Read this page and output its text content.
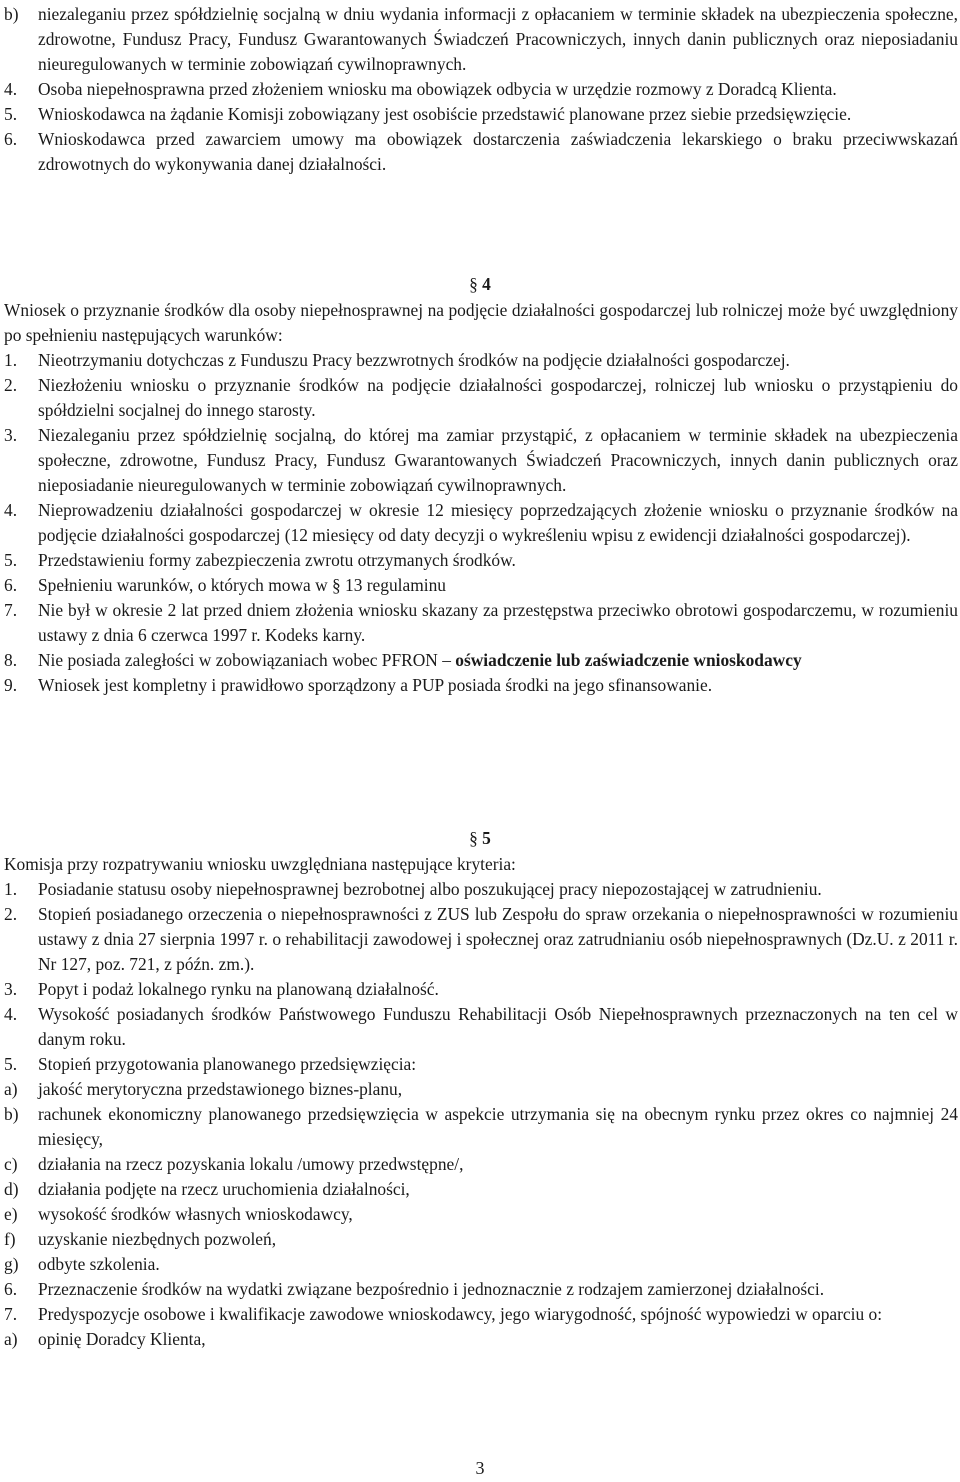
b)	niezaleganiu przez spółdzielnię socjalną w dniu wydania informacji z opłacaniem w terminie składek na ubezpieczenia społeczne, zdrowotne, Fundusz Pracy, Fundusz Gwarantowanych Świadczeń Pracowniczych, innych danin publicznych oraz nieposiadaniu nieuregulowanych w terminie zobowiązań cywilnoprawnych.
4.	Osoba niepełnosprawna przed złożeniem wniosku ma obowiązek odbycia w urzędzie rozmowy z Doradcą Klienta.
5.	Wnioskodawca na żądanie Komisji zobowiązany jest osobiście przedstawić planowane przez siebie przedsięwzięcie.
6.	Wnioskodawca przed zawarciem umowy ma obowiązek dostarczenia zaświadczenia lekarskiego o braku przeciwwskazań zdrowotnych do wykonywania danej działalności.
§ 4
Wniosek o przyznanie środków dla osoby niepełnosprawnej na podjęcie działalności gospodarczej lub rolniczej może być uwzględniony po spełnieniu następujących warunków:
1.	Nieotrzymaniu dotychczas z Funduszu Pracy bezzwrotnych środków na podjęcie działalności gospodarczej.
2.	Niezłożeniu wniosku o przyznanie środków na podjęcie działalności gospodarczej, rolniczej lub wniosku o przystąpieniu do spółdzielni socjalnej do innego starosty.
3.	Niezaleganiu przez spółdzielnię socjalną, do której ma zamiar przystąpić, z opłacaniem w terminie składek na ubezpieczenia społeczne, zdrowotne, Fundusz Pracy, Fundusz Gwarantowanych Świadczeń Pracowniczych, innych danin publicznych oraz nieposiadanie nieuregulowanych w terminie zobowiązań cywilnoprawnych.
4.	Nieprowadzeniu działalności gospodarczej w okresie 12 miesięcy poprzedzających złożenie wniosku o przyznanie środków na podjęcie działalności gospodarczej (12 miesięcy od daty decyzji o wykreśleniu wpisu z ewidencji działalności gospodarczej).
5.	Przedstawieniu formy zabezpieczenia zwrotu otrzymanych środków.
6.	Spełnieniu warunków, o których mowa w § 13 regulaminu
7.	Nie był w okresie 2 lat przed dniem złożenia wniosku skazany za przestępstwa przeciwko obrotowi gospodarczemu, w rozumieniu ustawy z dnia 6 czerwca 1997 r. Kodeks karny.
8.	Nie posiada zaległości w zobowiązaniach wobec PFRON – oświadczenie lub zaświadczenie wnioskodawcy
9.	Wniosek jest kompletny i prawidłowo sporządzony a PUP posiada środki na jego sfinansowanie.
§ 5
Komisja przy rozpatrywaniu wniosku uwzględniana następujące kryteria:
1.	Posiadanie statusu osoby niepełnosprawnej bezrobotnej albo poszukującej pracy niepozostającej w zatrudnieniu.
2.	Stopień posiadanego orzeczenia o niepełnosprawności z ZUS lub Zespołu do spraw orzekania o niepełnosprawności w rozumieniu ustawy z dnia 27 sierpnia 1997 r. o rehabilitacji zawodowej i społecznej oraz zatrudnianiu osób niepełnosprawnych (Dz.U. z 2011 r. Nr 127, poz. 721, z późn. zm.).
3.	Popyt i podaż lokalnego rynku na planowaną działalność.
4.	Wysokość posiadanych środków Państwowego Funduszu Rehabilitacji Osób Niepełnosprawnych przeznaczonych na ten cel w danym roku.
5.	Stopień przygotowania planowanego przedsięwzięcia:
a)	jakość merytoryczna przedstawionego biznes-planu,
b)	rachunek ekonomiczny planowanego przedsięwzięcia w aspekcie utrzymania się na obecnym rynku przez okres co najmniej 24 miesięcy,
c)	działania na rzecz pozyskania lokalu /umowy przedwstępne/,
d)	działania podjęte na rzecz uruchomienia działalności,
e)	wysokość środków własnych wnioskodawcy,
f)	uzyskanie niezbędnych pozwoleń,
g)	odbyte szkolenia.
6.	Przeznaczenie środków na wydatki związane bezpośrednio i jednoznacznie z rodzajem zamierzonej działalności.
7.	Predyspozycje osobowe i kwalifikacje zawodowe wnioskodawcy, jego wiarygodność, spójność wypowiedzi w oparciu o:
a)	opinię Doradcy Klienta,
3
